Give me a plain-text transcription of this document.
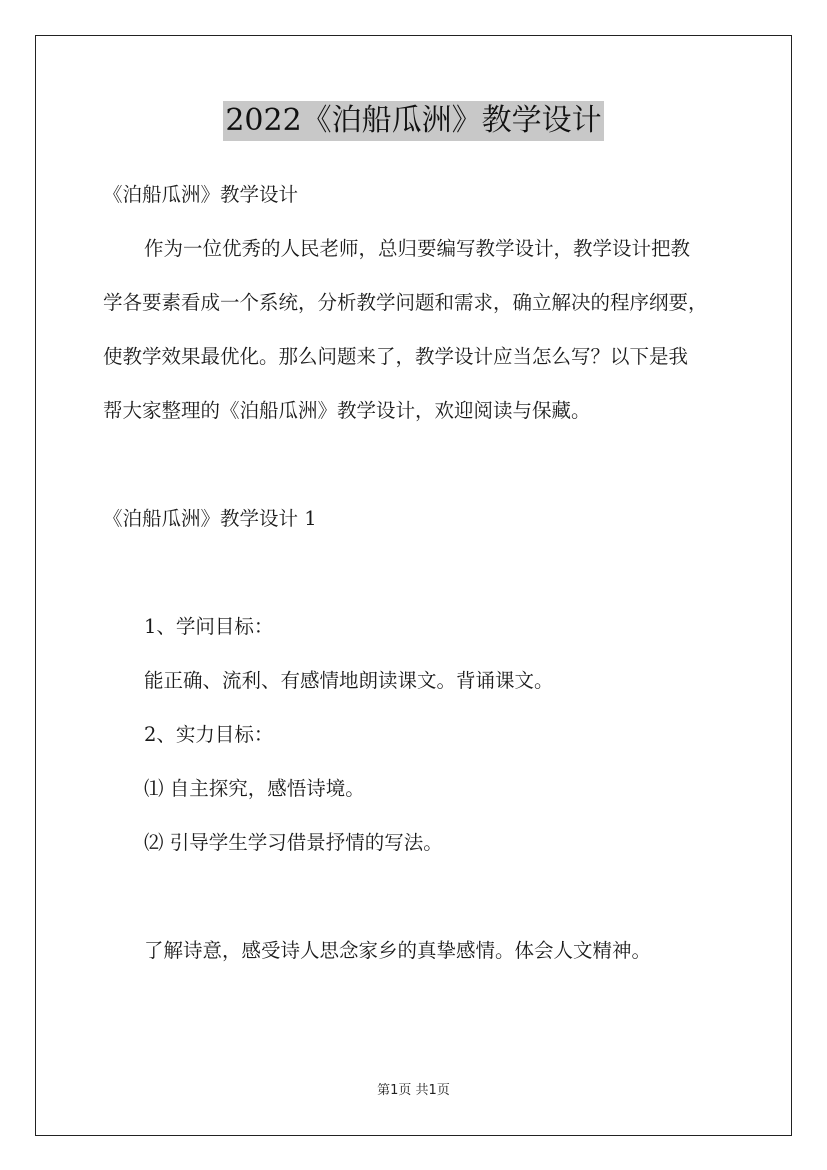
2022《泊船瓜洲》教学设计
《泊船瓜洲》教学设计
作为一位优秀的人民老师，总归要编写教学设计，教学设计把教
学各要素看成一个系统，分析教学问题和需求，确立解决的程序纲要，
使教学效果最优化。那么问题来了，教学设计应当怎么写？以下是我
帮大家整理的《泊船瓜洲》教学设计，欢迎阅读与保藏。
《泊船瓜洲》教学设计 1
1、学问目标：
能正确、流利、有感情地朗读课文。背诵课文。
2、实力目标：
⑴ 自主探究，感悟诗境。
⑵ 引导学生学习借景抒情的写法。
了解诗意，感受诗人思念家乡的真挚感情。体会人文精神。
第1页 共1页
